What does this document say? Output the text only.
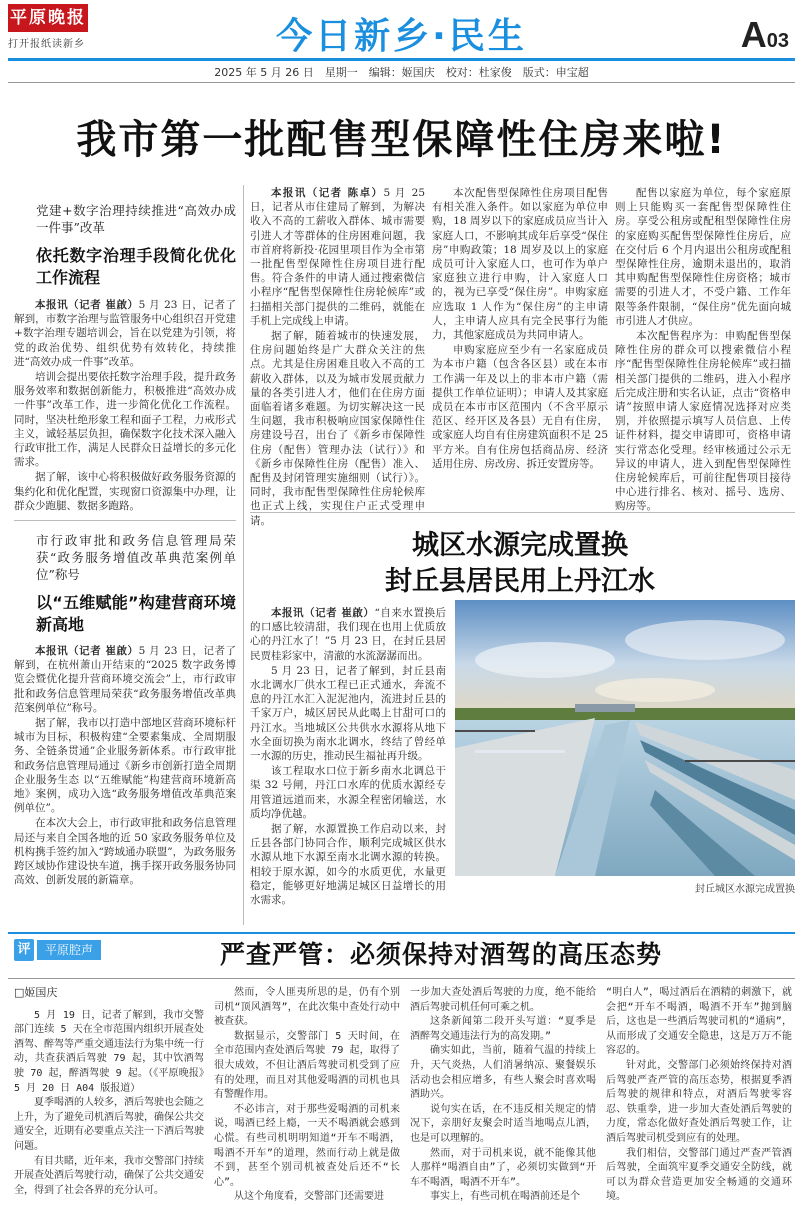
平原晚报
打开报纸读新乡	今日新乡·民生	A03
2025 年 5 月 26 日　星期一　编辑：姬国庆　校对：杜家俊　版式：申宝超
我市第一批配售型保障性住房来啦!
党建+数字治理持续推进“高效办成一件事”改革
依托数字治理手段简化优化工作流程

本报讯（记者 崔啟）5 月 23 日，记者了解到，市数字治理与监管服务中心组织召开党建+数字治理专题培训会，旨在以党建为引领，将党的政治优势、组织优势有效转化，持续推进“高效办成一件事”改革。

培训会提出要依托数字治理手段，提升政务服务效率和数据创新能力，积极推进“高效办成一件事”改革工作，进一步简化优化工作流程。同时，坚决杜绝形象工程和面子工程，力戒形式主义，诚轻基层负担，确保数字化技术深入融入行政审批工作，满足人民群众日益增长的多元化需求。

据了解，该中心将积极做好政务服务资源的集约化和优化配置，实现窗口资源集中办理，让群众少跑腿、数据多跑路。

市行政审批和政务信息管理局荣获“政务服务增值改革典范案例单位”称号
以“五维赋能”构建营商环境新高地

本报讯（记者 崔啟）5 月 23 日，记者了解到，在杭州萧山开结束的“2025 数字政务博览会暨优化提升营商环境交流会”上，市行政审批和政务信息管理局荣获“政务服务增值改革典范案例单位”称号。

据了解，我市以打造中部地区营商环境标杆城市为目标，积极构建“全要素集成、全周期服务、全链条贯通”企业服务新体系。市行政审批和政务信息管理局通过《新乡市创新打造全周期企业服务生态 以“五维赋能”构建营商环境新高地》案例，成功入选“政务服务增值改革典范案例单位”。

在本次大会上，市行政审批和政务信息管理局还与来自全国各地的近 50 家政务服务单位及机构携手签约加入“跨域通办联盟”，为政务服务跨区域协作建设快车道，携手探开政务服务协同高效、创新发展的新篇章。

本报讯（记者 陈卓）5 月 25 日，记者从市住建局了解到，为解决收入不高的工薪收入群体、城市需要引进人才等群体的住房困难问题，我市首府将新投·花园里项目作为全市第一批配售型保障性住房项目进行配售。符合条件的申请人通过搜索微信小程序“配售型保障性住房轮候库”或扫描相关部门提供的二维码，就能在手机上完成线上申请。

据了解，随着城市的快速发展，住房问题始终是广大群众关注的焦点。尤其是住房困难且收入不高的工薪收入群体，以及为城市发展贡献力量的各类引进人才，他们在住房方面面临着诸多难题。为切实解决这一民生问题，我市积极响应国家保障性住房建设号召，出台了《新乡市保障性住房（配售）管理办法（试行）》和《新乡市保障性住房（配售）准入、配售及封闭管理实施细则（试行）》。同时，我市配售型保障性住房轮候库也正式上线，实现住户正式受理申请。

本次配售型保障性住房项目配售有相关准入条件。如以家庭为单位申购，18 周岁以下的家庭成员应当计入家庭人口，不影响其成年后享受“保住房”申购政策；18 周岁及以上的家庭成员可计入家庭人口，也可作为单户家庭独立进行申购，计入家庭人口的，视为已享受“保住房”。申购家庭应选取 1 人作为“保住房”的主申请人，主申请人应具有完全民事行为能力，其他家庭成员为共同申请人。

申购家庭应至少有一名家庭成员为本市户籍（包含各区县）或在本市工作满一年及以上的非本市户籍（需提供工作单位证明）；申请人及其家庭成员在本市市区范围内（不含平原示范区、经开区及各县）无自有住房，或家庭人均自有住房建筑面积不足 25 平方米。自有住房包括商品房、经济适用住房、房改房、拆迁安置房等。

配售以家庭为单位，每个家庭原则上只能购买一套配售型保障性住房。享受公租房或配租型保障性住房的家庭购买配售型保障性住房后，应在交付后 6 个月内退出公租房或配租型保障性住房，逾期未退出的，取消其申购配售型保障性住房资格；城市需要的引进人才，不受户籍、工作年限等条件限制，“保住房”优先面向城市引进人才供应。

本次配售程序为：申购配售型保障性住房的群众可以搜索微信小程序“配售型保障性住房轮候库”或扫描相关部门提供的二维码，进入小程序后完成注册和实名认证，点击“资格申请”按照申请人家庭情况选择对应类别，并依照提示填写人员信息、上传证件材料，提交申请即可，资格申请实行常态化受理。经审核通过公示无异议的申请人，进入到配售型保障性住房轮候库后，可前往配售项目接待中心进行排名、核对、摇号、选房、购房等。

城区水源完成置换
封丘县居民用上丹江水

本报讯（记者 崔啟）“自来水置换后的口感比较清甜，我们现在也用上优质放心的丹江水了！”5 月 23 日，在封丘县居民贾桂彩家中，清澈的水流潺潺而出。

5 月 23 日，记者了解到，封丘县南水北调水厂供水工程已正式通水，奔流不息的丹江水汇入泥泥池内，流进封丘县的千家万户，城区居民从此喝上甘甜可口的丹江水。当地城区公共供水水源将从地下水全面切换为南水北调水，终结了曾经单一水源的历史，推动民生福祉再升级。

该工程取水口位于新乡南水北调总干渠 32 号闸，丹江口水库的优质水源经专用管道远道而来，水源全程密闭输送，水质均净优越。

据了解，水源置换工作启动以来，封丘县各部门协同合作，顺利完成城区供水水源从地下水源至南水北调水源的转换。相较于原水源，如今的水质更优，水量更稳定，能够更好地满足城区日益增长的用水需求。

封丘城区水源完成置换
评	平原腔声	严查严管：必须保持对酒驾的高压态势
□姬国庆

5 月 19 日，记者了解到，我市交警部门连续 5 天在全市范围内组织开展查处酒驾、醉驾等严重交通违法行为集中统一行动，共查获酒后驾驶 79 起，其中饮酒驾驶 70 起，醉酒驾驶 9 起。（《平原晚报》5 月 20 日 A04 版报道）

夏季喝酒的人较多，酒后驾驶也会随之上升，为了避免司机酒后驾驶，确保公共交通安全，近期有必要重点关注一下酒后驾驶问题。

有目共睹，近年来，我市交警部门持续开展查处酒后驾驶行动，确保了公共交通安全，得到了社会各界的充分认可。

然而，令人匪夷所思的是，仍有个别司机“顶风酒驾”，在此次集中查处行动中被查获。

数据显示，交警部门 5 天时间，在全市范围内查处酒后驾驶 79 起，取得了很大成效，不但让酒后驾驶司机受到了应有的处理，而且对其他爱喝酒的司机也具有警醒作用。

不必讳言，对于那些爱喝酒的司机来说，喝酒已经上瘾，一天不喝酒就会感到心慌。有些司机明明知道“开车不喝酒，喝酒不开车”的道理，然而行动上就是做不到，甚至个别司机被查处后还不“长心”。

从这个角度看，交警部门还需要进

一步加大查处酒后驾驶的力度，绝不能给酒后驾驶司机任何可乘之机。

这条新闻第二段开头写道：“夏季是酒醉驾交通违法行为的高发期。”

确实如此，当前，随着气温的持续上升，天气炎热，人们消暑纳凉、聚餐娱乐活动也会相应增多，有些人聚会时喜欢喝酒助兴。

说句实在话，在不违反相关规定的情况下，亲朋好友聚会时适当地喝点儿酒，也是可以理解的。

然而，对于司机来说，就不能像其他人那样“喝酒自由”了，必须切实做到“开车不喝酒，喝酒不开车”。

事实上，有些司机在喝酒前还是个

“明白人”，喝过酒后在酒精的刺激下，就会把“开车不喝酒，喝酒不开车”抛到脑后，这也是一些酒后驾驶司机的“通病”，从而形成了交通安全隐患，这是万万不能容忍的。

针对此，交警部门必须始终保持对酒后驾驶严查严管的高压态势，根据夏季酒后驾驶的规律和特点，对酒后驾驶零容忍、铁重拳，进一步加大查处酒后驾驶的力度，常态化做好查处酒后驾驶工作，让酒后驾驶司机受到应有的处理。

我们相信，交警部门通过严查严管酒后驾驶，全面筑牢夏季交通安全防线，就可以为群众营造更加安全畅通的交通环境。
